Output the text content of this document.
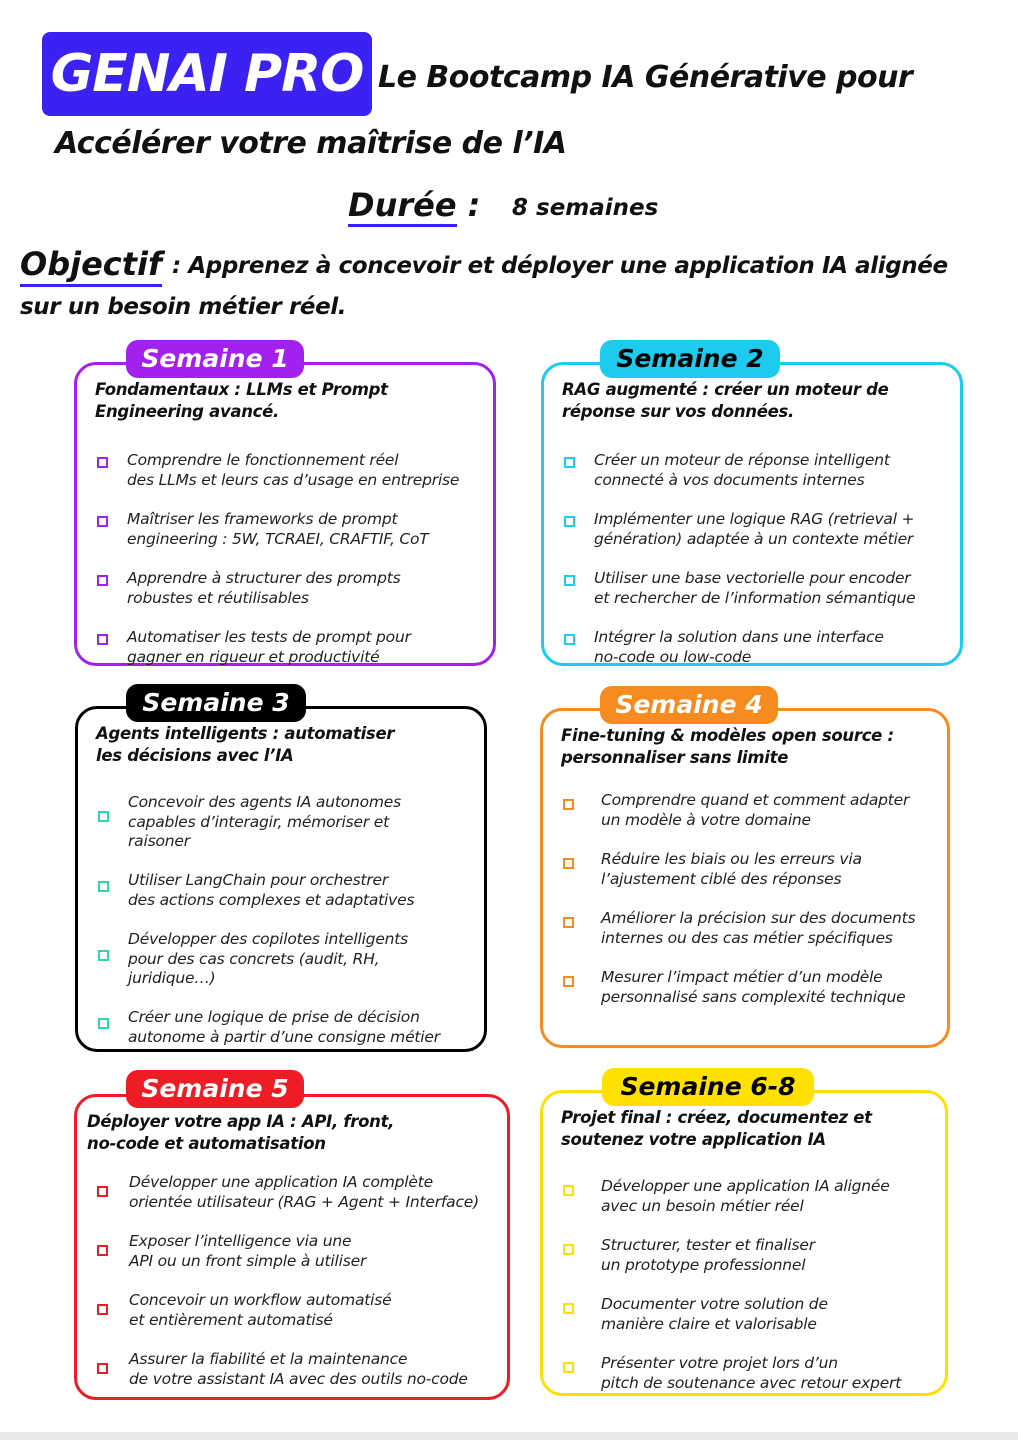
GENAI PRO Le Bootcamp IA Générative pour
Accélérer votre maîtrise de l’IA
Durée : 8 semaines
Objectif : Apprenez à concevoir et déployer une application IA alignée
sur un besoin métier réel.
Fondamentaux : LLMs et Prompt
Engineering avancé.
Comprendre le fonctionnement réel
des LLMs et leurs cas d’usage en entreprise
Maîtriser les frameworks de prompt
engineering : 5W, TCRAEI, CRAFTIF, CoT
Apprendre à structurer des prompts
robustes et réutilisables
Automatiser les tests de prompt pour
gagner en rigueur et productivité
Semaine 1
RAG augmenté : créer un moteur de
réponse sur vos données.
Créer un moteur de réponse intelligent
connecté à vos documents internes
Implémenter une logique RAG (retrieval +
génération) adaptée à un contexte métier
Utiliser une base vectorielle pour encoder
et rechercher de l’information sémantique
Intégrer la solution dans une interface
no-code ou low-code
Semaine 2
Agents intelligents : automatiser
les décisions avec l’IA
Concevoir des agents IA autonomes
capables d’interagir, mémoriser et
raisoner
Utiliser LangChain pour orchestrer
des actions complexes et adaptatives
Développer des copilotes intelligents
pour des cas concrets (audit, RH,
juridique…)
Créer une logique de prise de décision
autonome à partir d’une consigne métier
Semaine 3
Fine-tuning & modèles open source :
personnaliser sans limite
Comprendre quand et comment adapter
un modèle à votre domaine
Réduire les biais ou les erreurs via
l’ajustement ciblé des réponses
Améliorer la précision sur des documents
internes ou des cas métier spécifiques
Mesurer l’impact métier d’un modèle
personnalisé sans complexité technique
Semaine 4
Déployer votre app IA : API, front,
no-code et automatisation
Développer une application IA complète
orientée utilisateur (RAG + Agent + Interface)
Exposer l’intelligence via une
API ou un front simple à utiliser
Concevoir un workflow automatisé
et entièrement automatisé
Assurer la fiabilité et la maintenance
de votre assistant IA avec des outils no-code
Semaine 5
Projet final : créez, documentez et
soutenez votre application IA
Développer une application IA alignée
avec un besoin métier réel
Structurer, tester et finaliser
un prototype professionnel
Documenter votre solution de
manière claire et valorisable
Présenter votre projet lors d’un
pitch de soutenance avec retour expert
Semaine 6-8
